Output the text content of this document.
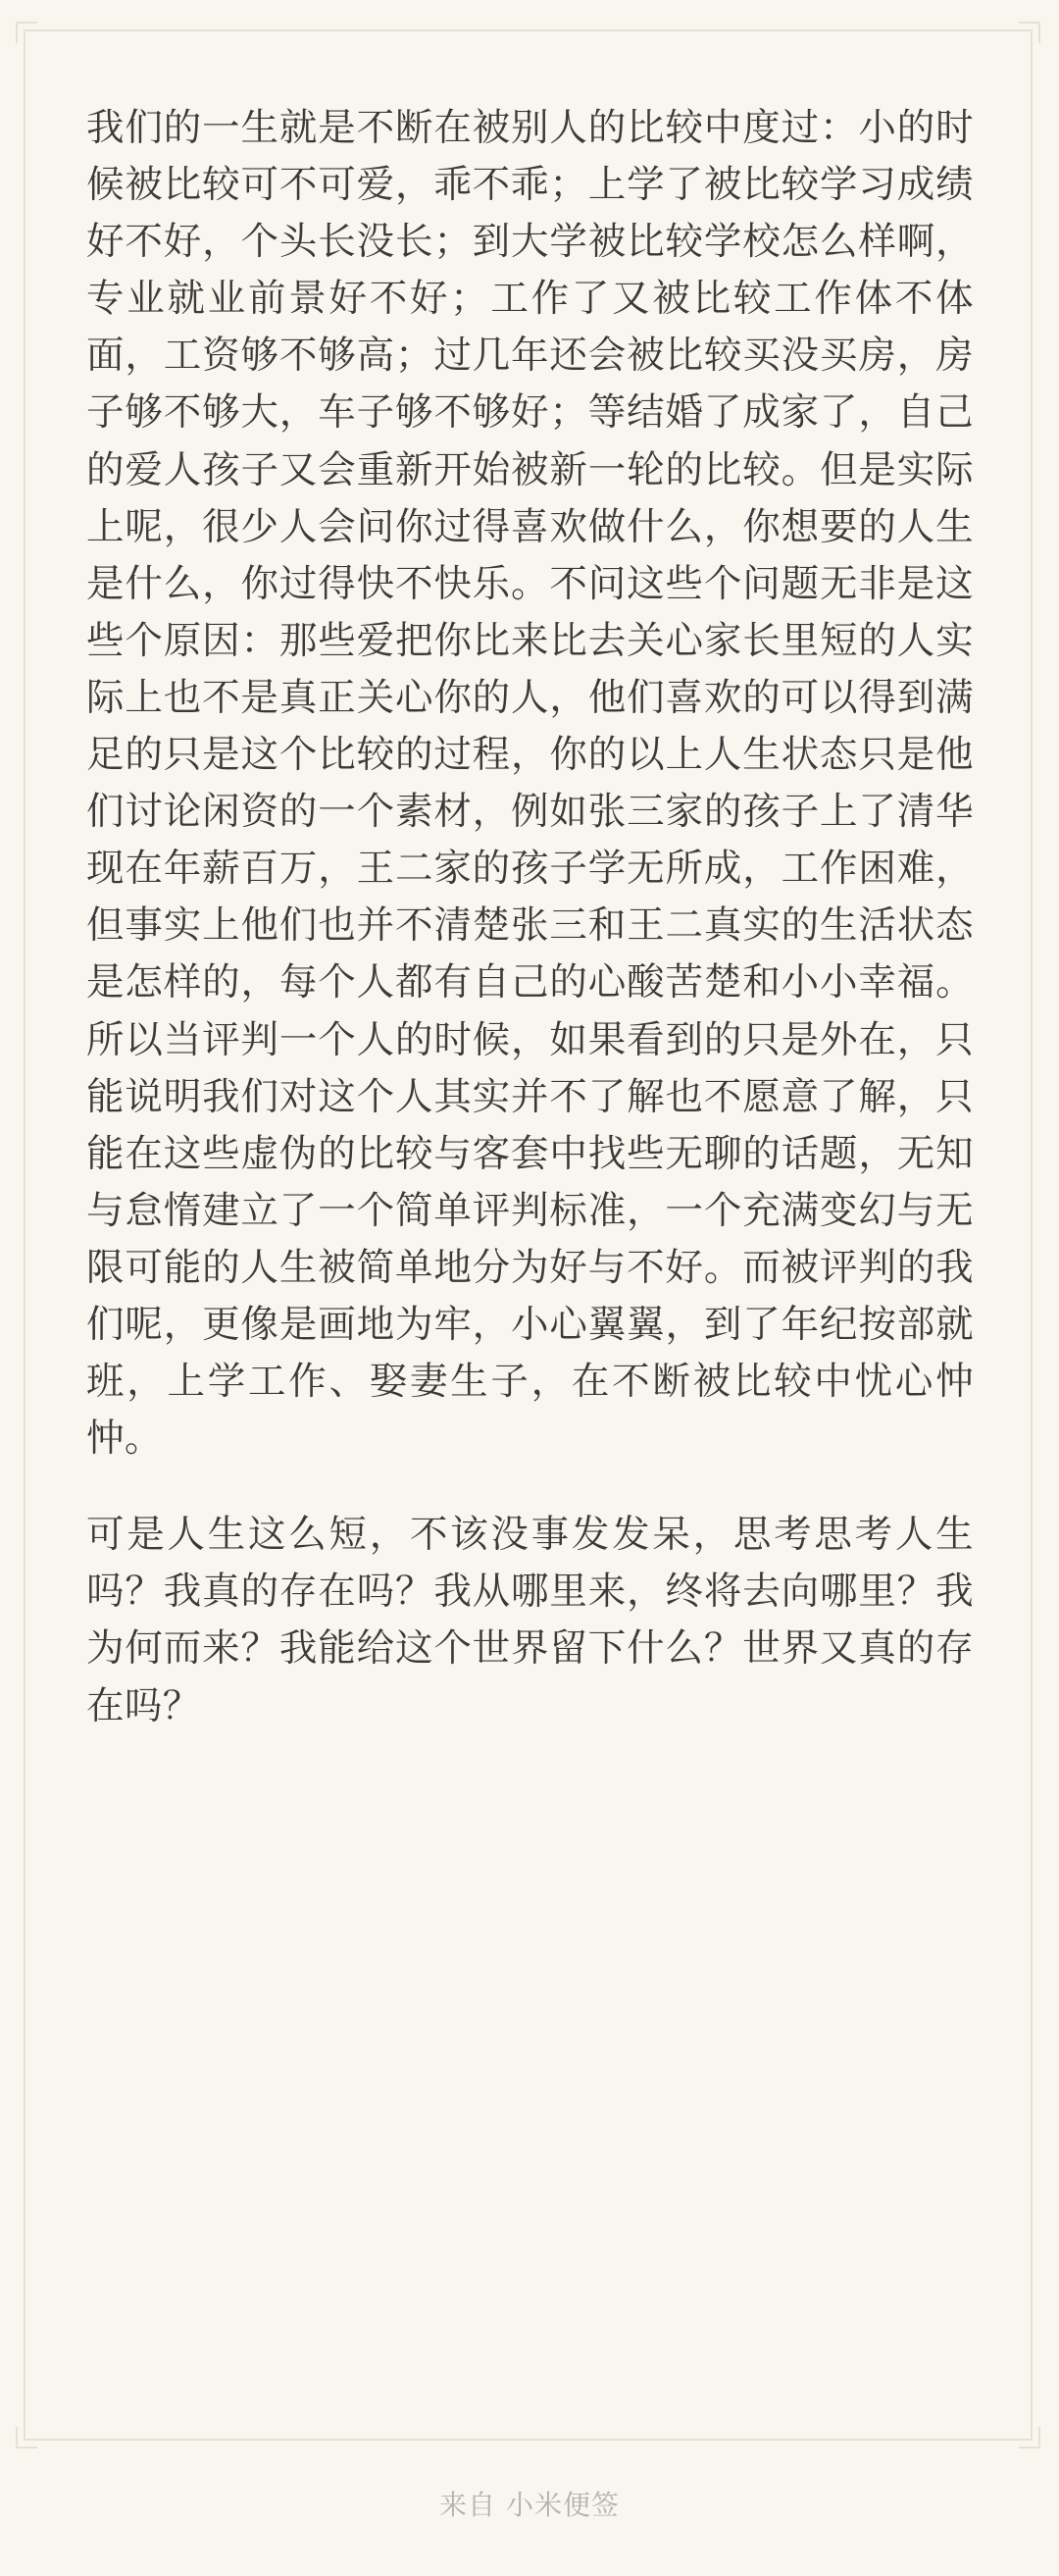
我们的一生就是不断在被别人的比较中度过：小的时候被比较可不可爱，乖不乖；上学了被比较学习成绩好不好，个头长没长；到大学被比较学校怎么样啊，专业就业前景好不好；工作了又被比较工作体不体面，工资够不够高；过几年还会被比较买没买房，房子够不够大，车子够不够好；等结婚了成家了，自己的爱人孩子又会重新开始被新一轮的比较。但是实际上呢，很少人会问你过得喜欢做什么，你想要的人生是什么，你过得快不快乐。不问这些个问题无非是这些个原因：那些爱把你比来比去关心家长里短的人实际上也不是真正关心你的人，他们喜欢的可以得到满足的只是这个比较的过程，你的以上人生状态只是他们讨论闲资的一个素材，例如张三家的孩子上了清华现在年薪百万，王二家的孩子学无所成，工作困难，但事实上他们也并不清楚张三和王二真实的生活状态是怎样的，每个人都有自己的心酸苦楚和小小幸福。所以当评判一个人的时候，如果看到的只是外在，只能说明我们对这个人其实并不了解也不愿意了解，只能在这些虚伪的比较与客套中找些无聊的话题，无知与怠惰建立了一个简单评判标准，一个充满变幻与无限可能的人生被简单地分为好与不好。而被评判的我们呢，更像是画地为牢，小心翼翼，到了年纪按部就班，上学工作、娶妻生子，在不断被比较中忧心忡忡。

可是人生这么短，不该没事发发呆，思考思考人生吗？我真的存在吗？我从哪里来，终将去向哪里？我为何而来？我能给这个世界留下什么？世界又真的存在吗？

来自 小米便签
